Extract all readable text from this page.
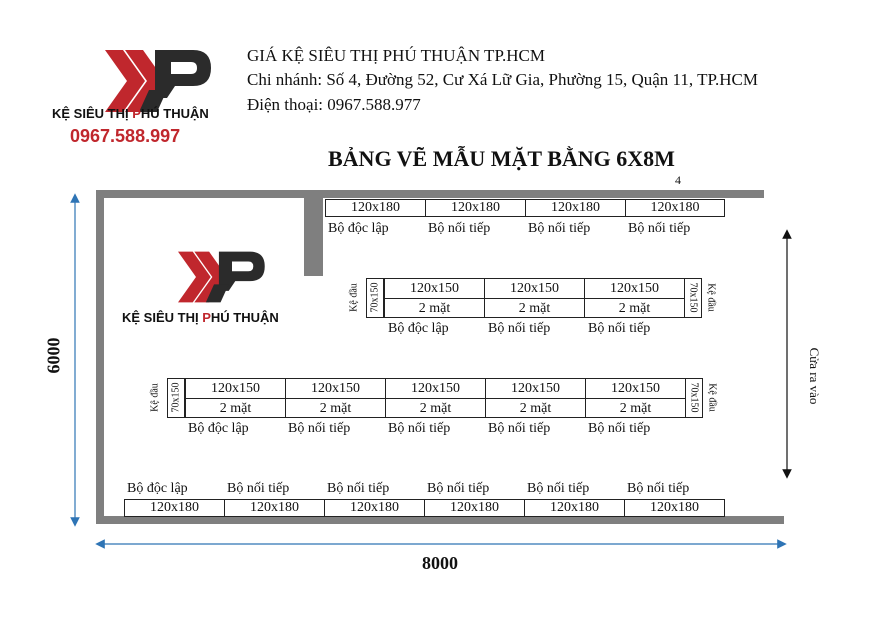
KỆ SIÊU THỊ PHÚ THUẬN
0967.588.997
GIÁ KỆ SIÊU THỊ PHÚ THUẬN TP.HCM
Chi nhánh: Số 4, Đường 52, Cư Xá Lữ Gia, Phường 15, Quận 11, TP.HCM
Điện thoại: 0967.588.977
BẢNG VẼ MẪU MẶT BẰNG 6X8M
4
KỆ SIÊU THỊ PHÚ THUẬN
120x180	120x180	120x180	120x180
Bộ độc lập	Bộ nối tiếp	Bộ nối tiếp	Bộ nối tiếp
Kệ đầu 70x150	120x150	120x150	120x150
2 mặt	2 mặt	2 mặt	70x150 Kệ đầu
Bộ độc lập	Bộ nối tiếp	Bộ nối tiếp
Kệ đầu 70x150	120x150	120x150	120x150	120x150	120x150
2 mặt	2 mặt	2 mặt	2 mặt	2 mặt	70x150 Kệ đầu
Bộ độc lập	Bộ nối tiếp	Bộ nối tiếp	Bộ nối tiếp	Bộ nối tiếp
Bộ độc lập	Bộ nối tiếp	Bộ nối tiếp	Bộ nối tiếp	Bộ nối tiếp	Bộ nối tiếp
120x180	120x180	120x180	120x180	120x180	120x180
6000
8000
Cửa ra vào
